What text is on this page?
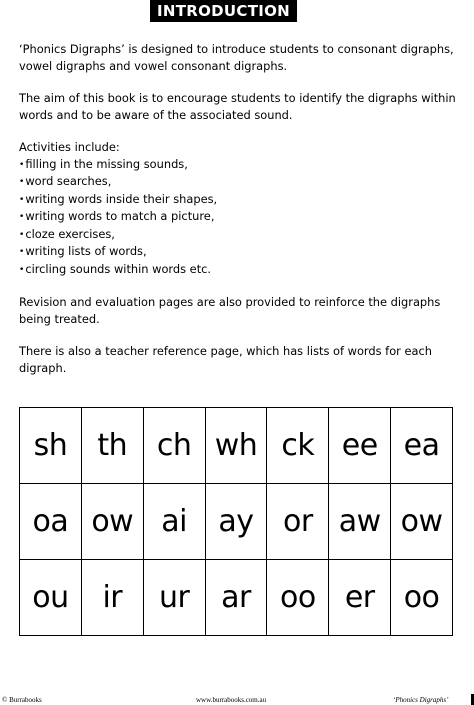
INTRODUCTION

‘Phonics Digraphs’ is designed to introduce students to consonant digraphs, vowel digraphs and vowel consonant digraphs.

The aim of this book is to encourage students to identify the digraphs within words and to be aware of the associated sound.

Activities include:
•filling in the missing sounds,
•word searches,
•writing words inside their shapes,
•writing words to match a picture,
•cloze exercises,
•writing lists of words,
•circling sounds within words etc.

Revision and evaluation pages are also provided to reinforce the digraphs being treated.

There is also a teacher reference page, which has lists of words for each digraph.

sh	th ch wh ck ee ea
oa ow ai	ay or aw ow
ou	ir	ur	ar oo er oo
© Burrabooks	www.burrabooks.com.au	‘Phonics Digraphs’
